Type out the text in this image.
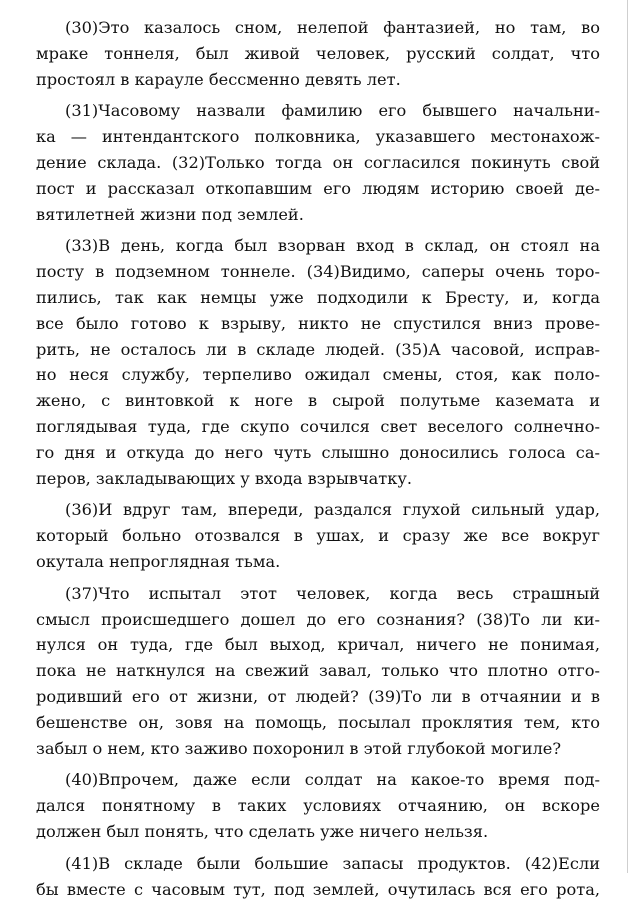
(30)Это казалось сном, нелепой фантазией, но там, во
мраке тоннеля, был живой человек, русский солдат, что
простоял в карауле бессменно девять лет.
(31)Часовому назвали фамилию его бывшего начальни-
ка — интендантского полковника, указавшего местонахож-
дение склада. (32)Только тогда он согласился покинуть свой
пост и рассказал откопавшим его людям историю своей де-
вятилетней жизни под землей.
(33)В день, когда был взорван вход в склад, он стоял на
посту в подземном тоннеле. (34)Видимо, саперы очень торо-
пились, так как немцы уже подходили к Бресту, и, когда
все было готово к взрыву, никто не спустился вниз прове-
рить, не осталось ли в складе людей. (35)А часовой, исправ-
но неся службу, терпеливо ожидал смены, стоя, как поло-
жено, с винтовкой к ноге в сырой полутьме каземата и
поглядывая туда, где скупо сочился свет веселого солнечно-
го дня и откуда до него чуть слышно доносились голоса са-
перов, закладывающих у входа взрывчатку.
(36)И вдруг там, впереди, раздался глухой сильный удар,
который больно отозвался в ушах, и сразу же все вокруг
окутала непроглядная тьма.
(37)Что испытал этот человек, когда весь страшный
смысл происшедшего дошел до его сознания? (38)То ли ки-
нулся он туда, где был выход, кричал, ничего не понимая,
пока не наткнулся на свежий завал, только что плотно отго-
родивший его от жизни, от людей? (39)То ли в отчаянии и в
бешенстве он, зовя на помощь, посылал проклятия тем, кто
забыл о нем, кто заживо похоронил в этой глубокой могиле?
(40)Впрочем, даже если солдат на какое-то время под-
дался понятному в таких условиях отчаянию, он вскоре
должен был понять, что сделать уже ничего нельзя.
(41)В складе были большие запасы продуктов. (42)Если
бы вместе с часовым тут, под землей, очутилась вся его рота,
